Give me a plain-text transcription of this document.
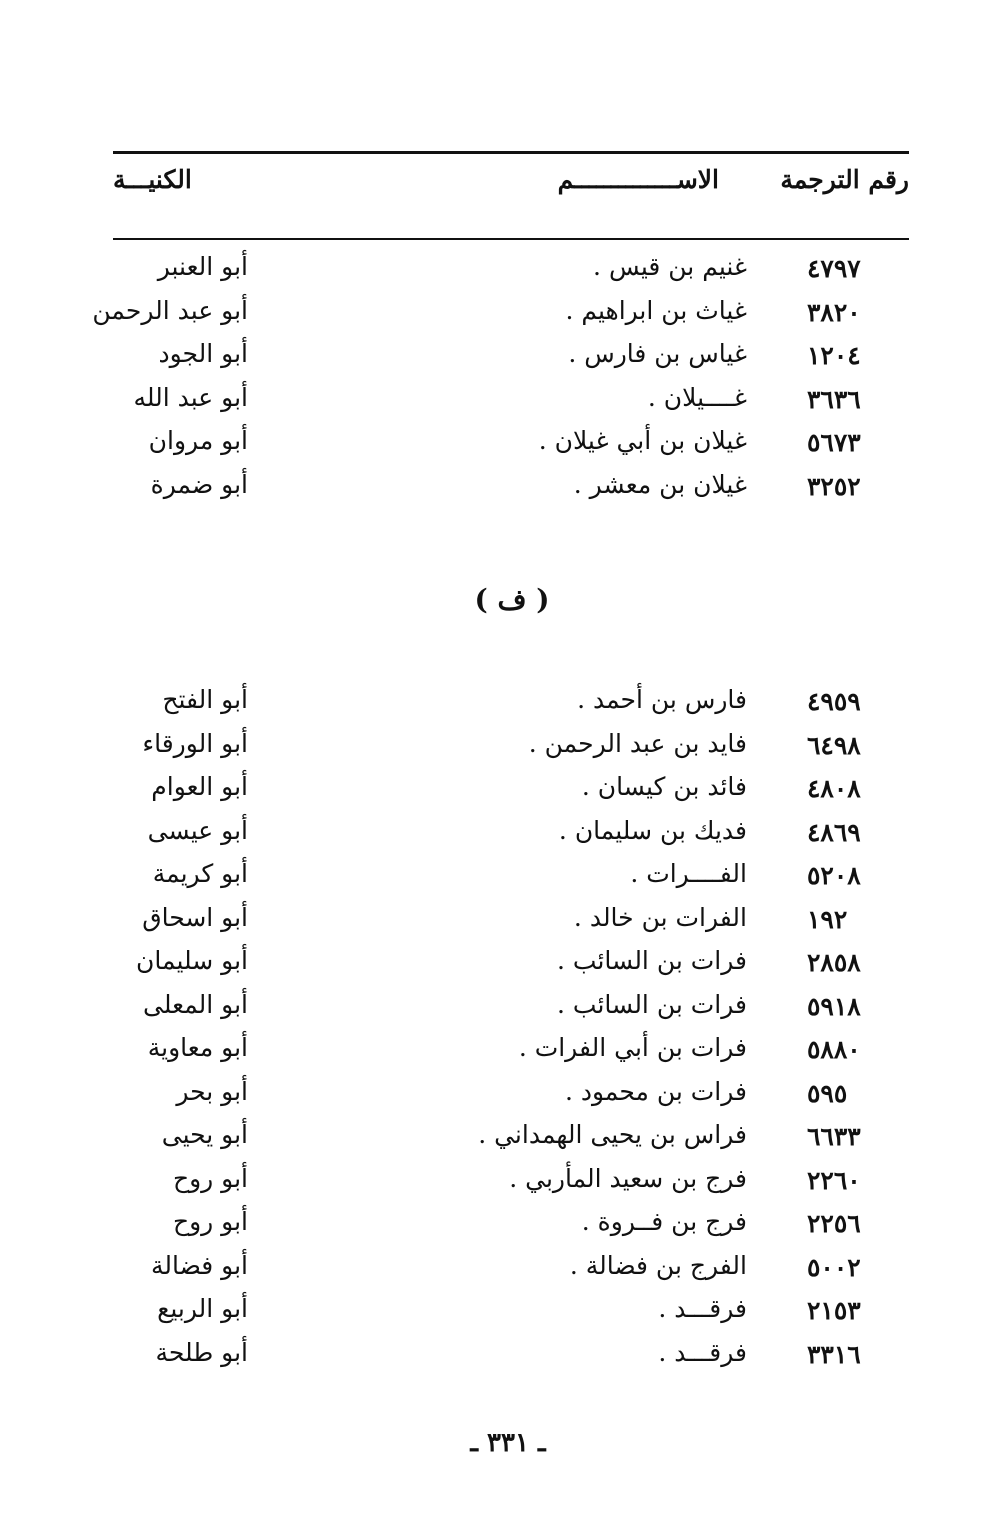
رقم الترجمة
الاســــــــــــــم
الكنيـــة
٤٧٩٧
غنيم بن قيس .
أبو العنبر
٣٨٢٠
غياث بن ابراهيم .
أبو عبد الرحمن
١٢٠٤
غياس بن فارس .
أبو الجود
٣٦٣٦
غــــيلان .
أبو عبد الله
٥٦٧٣
غيلان بن أبي غيلان .
أبو مروان
٣٢٥٢
غيلان بن معشر .
أبو ضمرة
( ف )
٤٩٥٩
فارس بن أحمد .
أبو الفتح
٦٤٩٨
فايد بن عبد الرحمن .
أبو الورقاء
٤٨٠٨
فائد بن كيسان .
أبو العوام
٤٨٦٩
فديك بن سليمان .
أبو عيسى
٥٢٠٨
الفــــرات .
أبو كريمة
١٩٢
الفرات بن خالد .
أبو اسحاق
٢٨٥٨
فرات بن السائب .
أبو سليمان
٥٩١٨
فرات بن السائب .
أبو المعلى
٥٨٨٠
فرات بن أبي الفرات .
أبو معاوية
٥٩٥
فرات بن محمود .
أبو بحر
٦٦٣٣
فراس بن يحيى الهمداني .
أبو يحيى
٢٢٦٠
فرج بن سعيد المأربي .
أبو روح
٢٢٥٦
فرج بن فــروة .
أبو روح
٥٠٠٢
الفرج بن فضالة .
أبو فضالة
٢١٥٣
فرقـــد .
أبو الربيع
٣٣١٦
فرقـــد .
أبو طلحة
ـ ٣٣١ ـ
